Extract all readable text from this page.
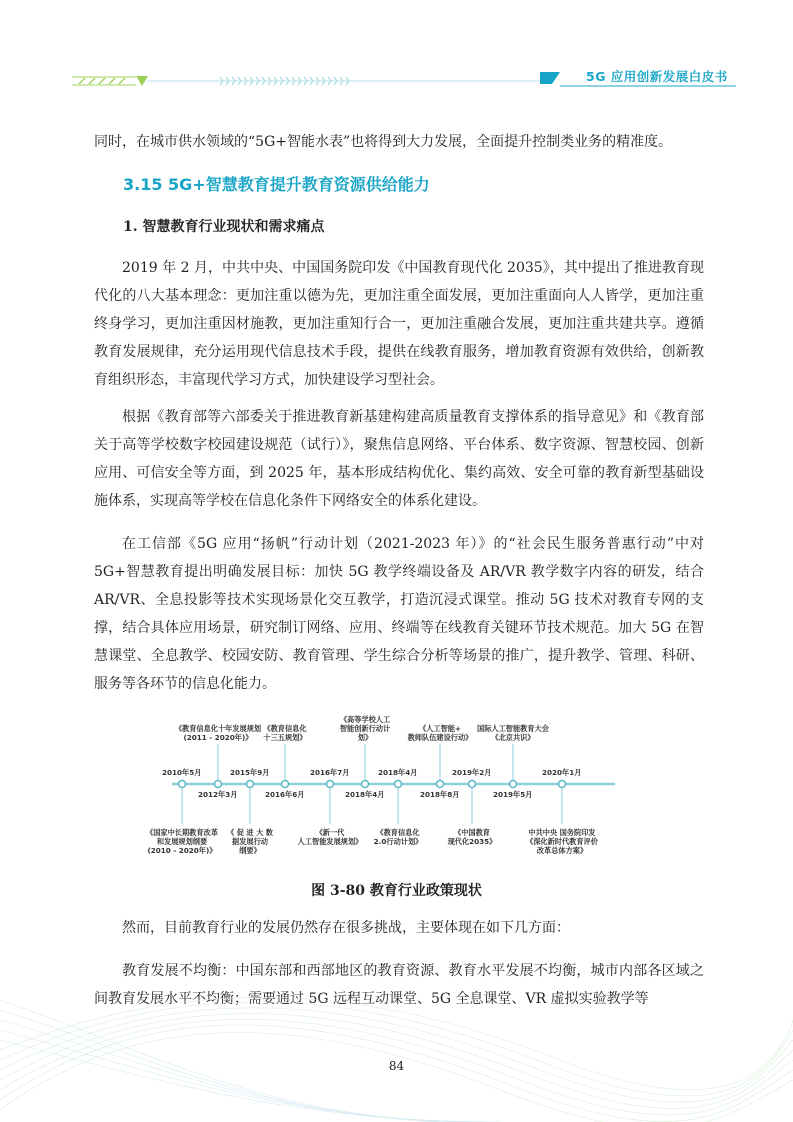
5G 应用创新发展白皮书

同时，在城市供水领域的“5G+智能水表”也将得到大力发展，全面提升控制类业务的精准度。

3.15 5G+智慧教育提升教育资源供给能力
1. 智慧教育行业现状和需求痛点

2019 年 2 月，中共中央、中国国务院印发《中国教育现代化 2035》，其中提出了推进教育现代化的八大基本理念：更加注重以德为先，更加注重全面发展，更加注重面向人人皆学，更加注重终身学习，更加注重因材施教，更加注重知行合一，更加注重融合发展，更加注重共建共享。遵循教育发展规律，充分运用现代信息技术手段，提供在线教育服务，增加教育资源有效供给，创新教育组织形态，丰富现代学习方式，加快建设学习型社会。

根据《教育部等六部委关于推进教育新基建构建高质量教育支撑体系的指导意见》和《教育部关于高等学校数字校园建设规范（试行）》，聚焦信息网络、平台体系、数字资源、智慧校园、创新应用、可信安全等方面，到 2025 年，基本形成结构优化、集约高效、安全可靠的教育新型基础设施体系，实现高等学校在信息化条件下网络安全的体系化建设。

在工信部《5G 应用“扬帆”行动计划（2021-2023 年）》的“社会民生服务普惠行动”中对 5G+智慧教育提出明确发展目标：加快 5G 教学终端设备及 AR/VR 教学数字内容的研发，结合 AR/VR、全息投影等技术实现场景化交互教学，打造沉浸式课堂。推动 5G 技术对教育专网的支撑，结合具体应用场景，研究制订网络、应用、终端等在线教育关键环节技术规范。加大 5G 在智慧课堂、全息教学、校园安防、教育管理、学生综合分析等场景的推广，提升教学、管理、科研、服务等各环节的信息化能力。

2010年5月
《国家中长期教育改革
和发展规划纲要
(2010 - 2020年)》
2012年3月
《教育信息化十年发展规划
(2011 - 2020年)》
2015年9月
《 促 进 大 数
据发展行动
纲要》
2016年6月
《教育信息化
十三五规划》
2016年7月
《新一代
人工智能发展规划》
2018年4月
《高等学校人工
智能创新行动计
划》
2018年4月
《教育信息化
2.0行动计划》
2018年8月
《人工智能+
教师队伍建设行动》
2019年2月
《中国教育
现代化2035》
2019年5月
国际人工智能教育大会
《北京共识》
2020年1月
中共中央 国务院印发
《深化新时代教育评价
改革总体方案》
图 3-80 教育行业政策现状

然而，目前教育行业的发展仍然存在很多挑战，主要体现在如下几方面：

教育发展不均衡：中国东部和西部地区的教育资源、教育水平发展不均衡，城市内部各区域之间教育发展水平不均衡；需要通过 5G 远程互动课堂、5G 全息课堂、VR 虚拟实验教学等

84
